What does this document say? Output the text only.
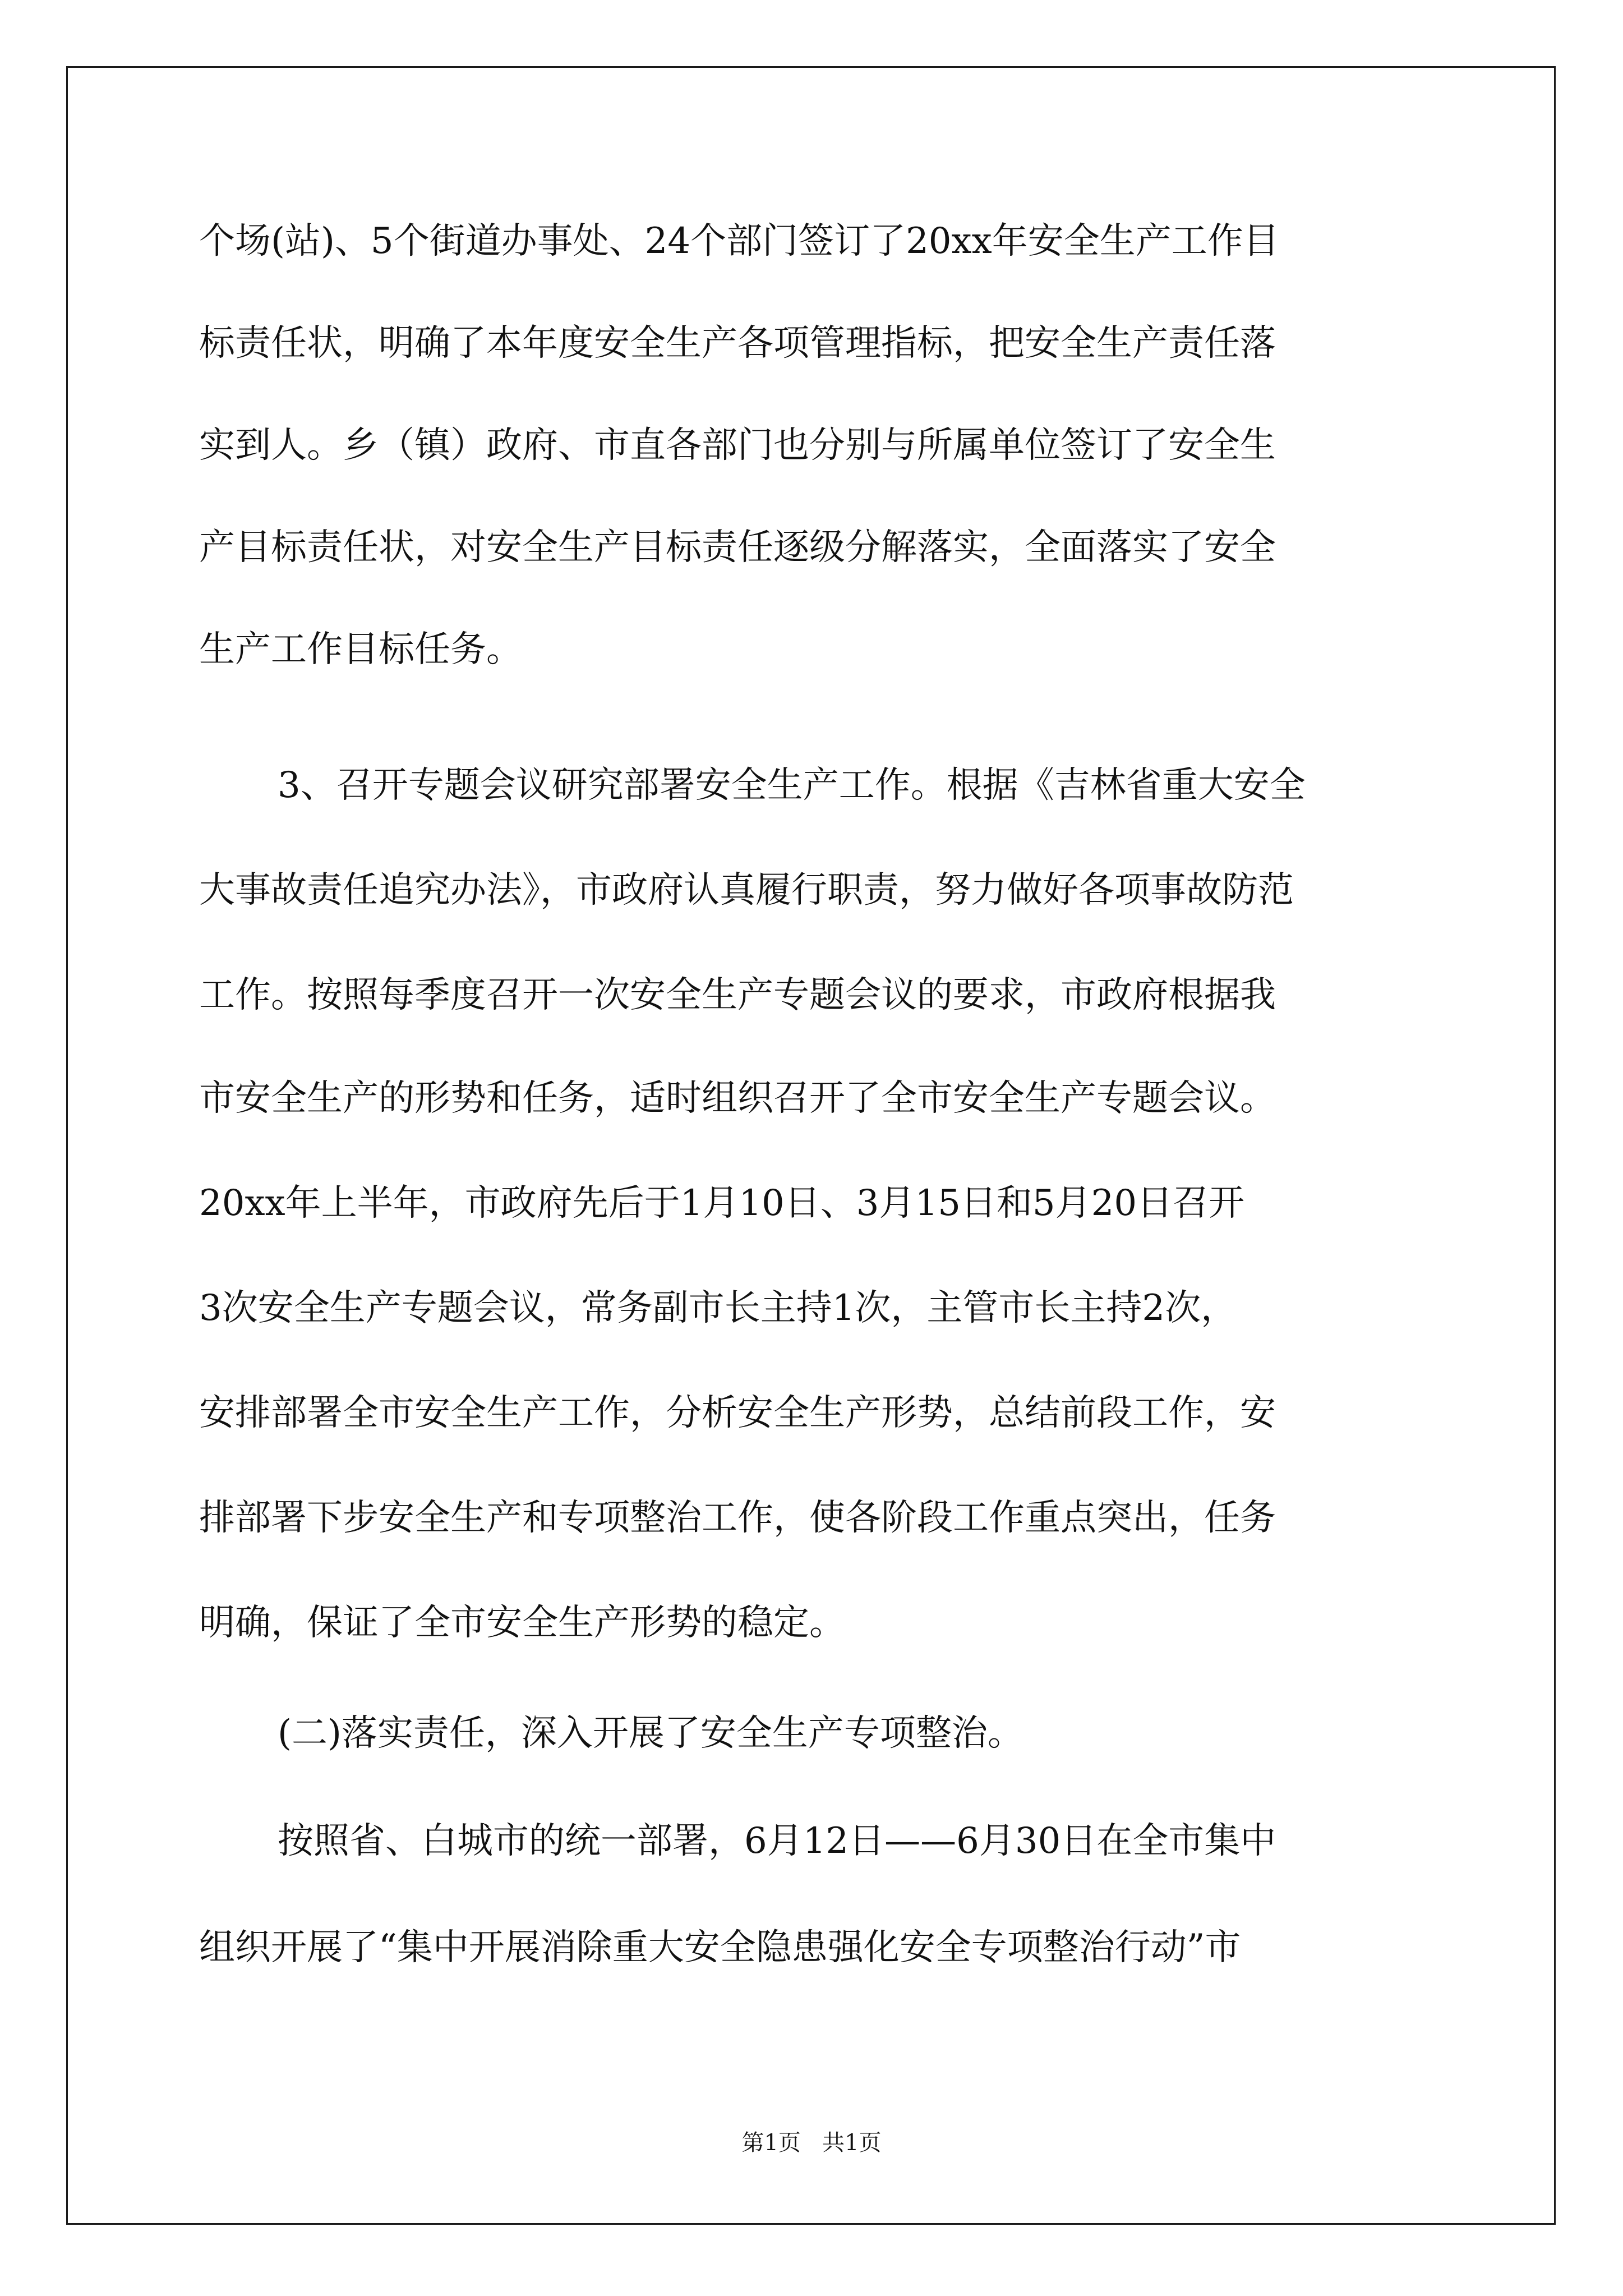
个场(站)、5个街道办事处、24个部门签订了20xx年安全生产工作目
标责任状，明确了本年度安全生产各项管理指标，把安全生产责任落
实到人。乡（镇）政府、市直各部门也分别与所属单位签订了安全生
产目标责任状，对安全生产目标责任逐级分解落实，全面落实了安全
生产工作目标任务。
3、召开专题会议研究部署安全生产工作。根据《吉林省重大安全
大事故责任追究办法》，市政府认真履行职责，努力做好各项事故防范
工作。按照每季度召开一次安全生产专题会议的要求，市政府根据我
市安全生产的形势和任务，适时组织召开了全市安全生产专题会议。
20xx年上半年，市政府先后于1月10日、3月15日和5月20日召开
3次安全生产专题会议，常务副市长主持1次，主管市长主持2次，
安排部署全市安全生产工作，分析安全生产形势，总结前段工作，安
排部署下步安全生产和专项整治工作，使各阶段工作重点突出，任务
明确，保证了全市安全生产形势的稳定。
(二)落实责任，深入开展了安全生产专项整治。
按照省、白城市的统一部署，6月12日——6月30日在全市集中
组织开展了“集中开展消除重大安全隐患强化安全专项整治行动”市
第1页   共1页
